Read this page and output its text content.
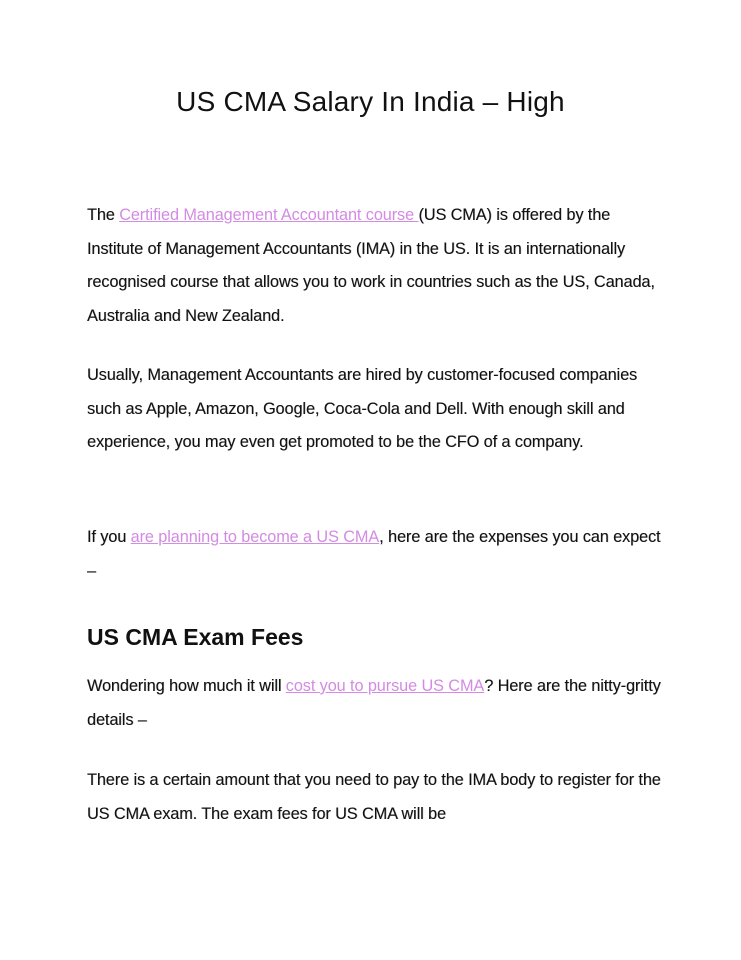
US CMA Salary In India – High

The Certified Management Accountant course (US CMA) is offered by the Institute of Management Accountants (IMA) in the US. It is an internationally recognised course that allows you to work in countries such as the US, Canada, Australia and New Zealand.

Usually, Management Accountants are hired by customer-focused companies such as Apple, Amazon, Google, Coca-Cola and Dell. With enough skill and experience, you may even get promoted to be the CFO of a company.

If you are planning to become a US CMA, here are the expenses you can expect –

US CMA Exam Fees

Wondering how much it will cost you to pursue US CMA? Here are the nitty-gritty details –

There is a certain amount that you need to pay to the IMA body to register for the US CMA exam. The exam fees for US CMA will be
